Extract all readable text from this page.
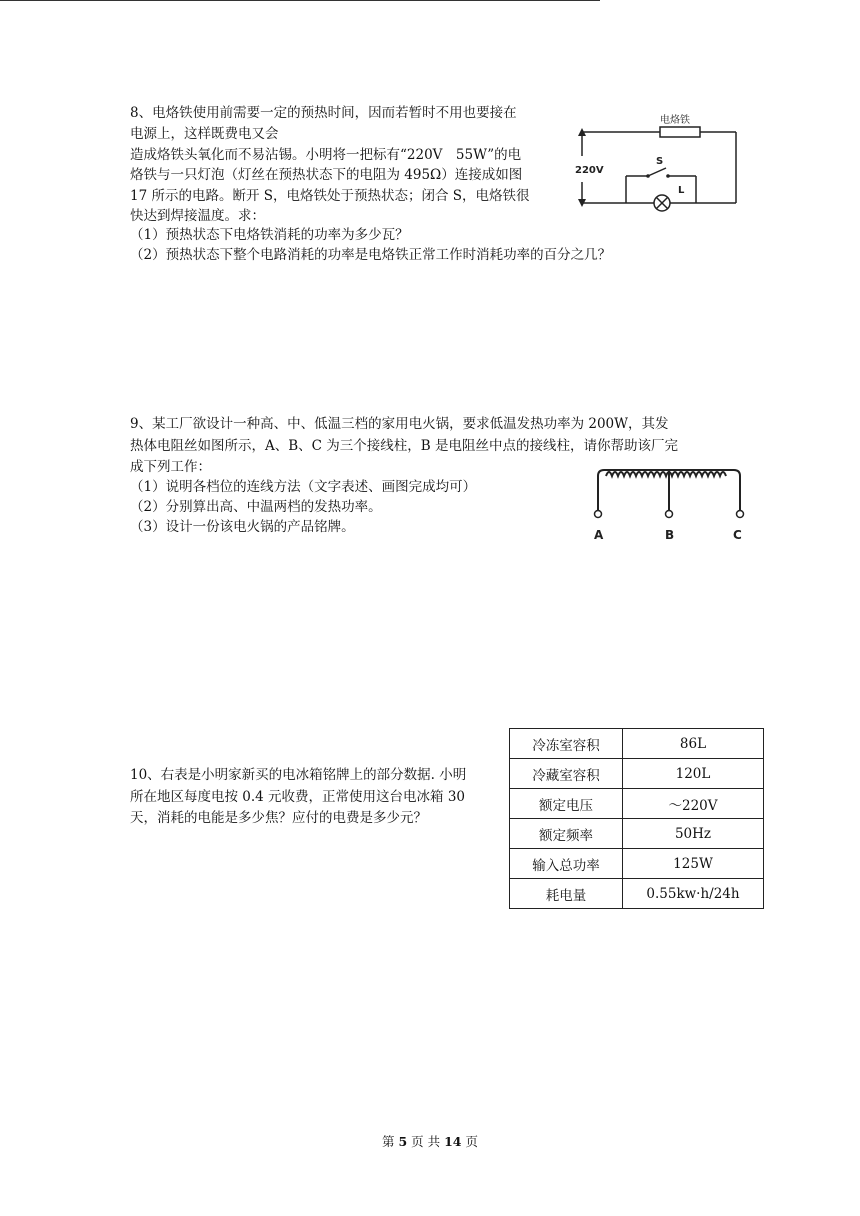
8、电烙铁使用前需要一定的预热时间，因而若暂时不用也要接在
电源上，这样既费电又会
造成烙铁头氧化而不易沾锡。小明将一把标有“220V　55W”的电
烙铁与一只灯泡（灯丝在预热状态下的电阻为 495Ω）连接成如图
17 所示的电路。断开 S，电烙铁处于预热状态；闭合 S，电烙铁很
快达到焊接温度。求：
（1）预热状态下电烙铁消耗的功率为多少瓦？
（2）预热状态下整个电路消耗的功率是电烙铁正常工作时消耗功率的百分之几？
电烙铁
220V
S
L
9、某工厂欲设计一种高、中、低温三档的家用电火锅，要求低温发热功率为 200W，其发
热体电阻丝如图所示，A、B、C 为三个接线柱，B 是电阻丝中点的接线柱，请你帮助该厂完
成下列工作：
（1）说明各档位的连线方法（文字表述、画图完成均可）
（2）分别算出高、中温两档的发热功率。
（3）设计一份该电火锅的产品铭牌。	A	B	C
10、右表是小明家新买的电冰箱铭牌上的部分数据. 小明
所在地区每度电按 0.4 元收费，正常使用这台电冰箱 30
天，消耗的电能是多少焦？应付的电费是多少元？
冷冻室容积	86L
冷藏室容积	120L
额定电压	～220V
额定频率	50Hz
输入总功率	125W
耗电量	0.55kw·h/24h
第 5 页 共 14 页
